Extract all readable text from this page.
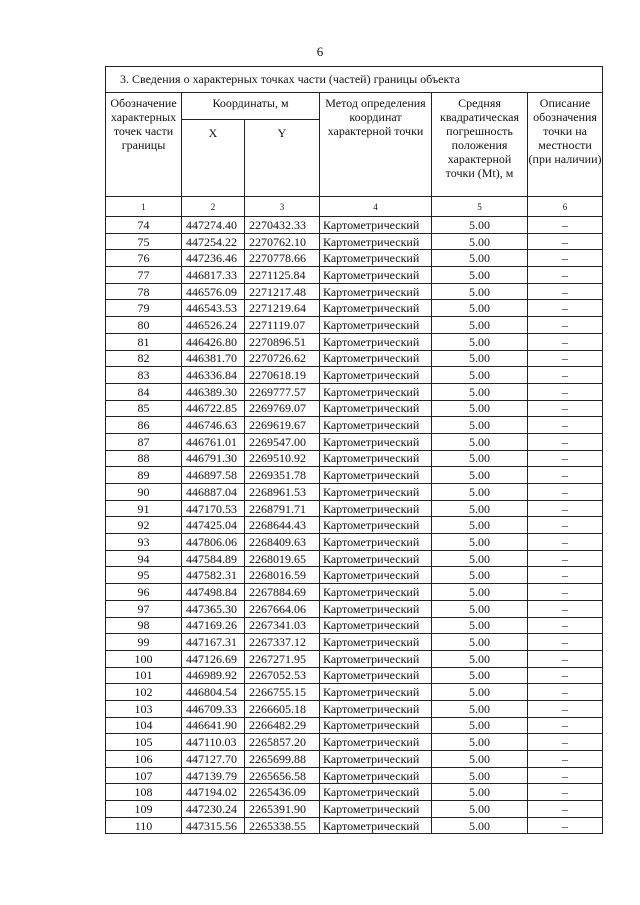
6
3. Сведения о характерных точках части (частей) границы объекта					
Обозначение характерных точек части границы	Координаты, м		Метод определения координат характерной точки	Средняя квадратическая погрешность положения характерной точки (Mt), м	Описание обозначения точки на местности (при наличии)
	X	Y			
1	2	3	4	5	6
74	447274.40	2270432.33	Картометрический	5.00	–
75	447254.22	2270762.10	Картометрический	5.00	–
76	447236.46	2270778.66	Картометрический	5.00	–
77	446817.33	2271125.84	Картометрический	5.00	–
78	446576.09	2271217.48	Картометрический	5.00	–
79	446543.53	2271219.64	Картометрический	5.00	–
80	446526.24	2271119.07	Картометрический	5.00	–
81	446426.80	2270896.51	Картометрический	5.00	–
82	446381.70	2270726.62	Картометрический	5.00	–
83	446336.84	2270618.19	Картометрический	5.00	–
84	446389.30	2269777.57	Картометрический	5.00	–
85	446722.85	2269769.07	Картометрический	5.00	–
86	446746.63	2269619.67	Картометрический	5.00	–
87	446761.01	2269547.00	Картометрический	5.00	–
88	446791.30	2269510.92	Картометрический	5.00	–
89	446897.58	2269351.78	Картометрический	5.00	–
90	446887.04	2268961.53	Картометрический	5.00	–
91	447170.53	2268791.71	Картометрический	5.00	–
92	447425.04	2268644.43	Картометрический	5.00	–
93	447806.06	2268409.63	Картометрический	5.00	–
94	447584.89	2268019.65	Картометрический	5.00	–
95	447582.31	2268016.59	Картометрический	5.00	–
96	447498.84	2267884.69	Картометрический	5.00	–
97	447365.30	2267664.06	Картометрический	5.00	–
98	447169.26	2267341.03	Картометрический	5.00	–
99	447167.31	2267337.12	Картометрический	5.00	–
100	447126.69	2267271.95	Картометрический	5.00	–
101	446989.92	2267052.53	Картометрический	5.00	–
102	446804.54	2266755.15	Картометрический	5.00	–
103	446709.33	2266605.18	Картометрический	5.00	–
104	446641.90	2266482.29	Картометрический	5.00	–
105	447110.03	2265857.20	Картометрический	5.00	–
106	447127.70	2265699.88	Картометрический	5.00	–
107	447139.79	2265656.58	Картометрический	5.00	–
108	447194.02	2265436.09	Картометрический	5.00	–
109	447230.24	2265391.90	Картометрический	5.00	–
110	447315.56	2265338.55	Картометрический	5.00	–
